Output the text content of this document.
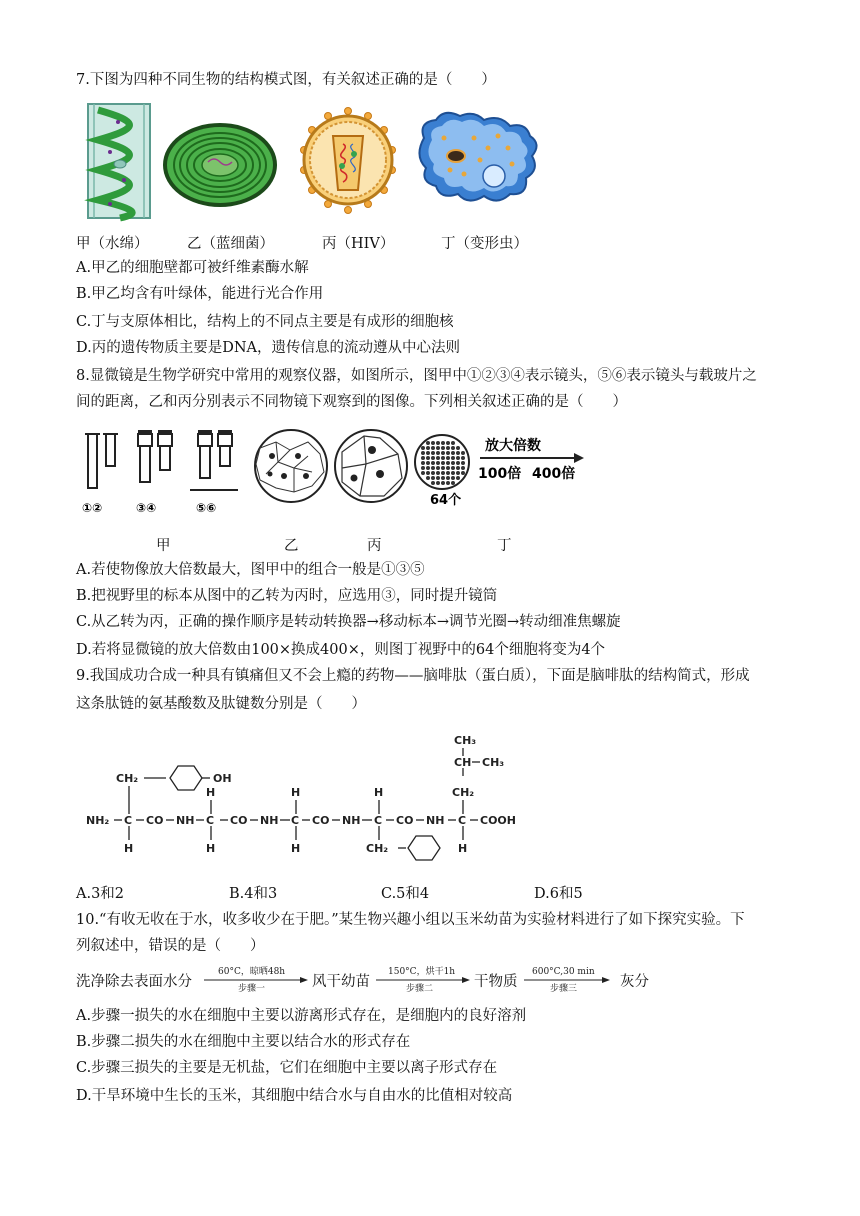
7.下图为四种不同生物的结构模式图，有关叙述正确的是（　　）
甲（水绵）	乙（蓝细菌）	丙（HIV）	丁（变形虫）
A.甲乙的细胞壁都可被纤维素酶水解
B.甲乙均含有叶绿体，能进行光合作用
C.丁与支原体相比，结构上的不同点主要是有成形的细胞核
D.丙的遗传物质主要是DNA，遗传信息的流动遵从中心法则
8.显微镜是生物学研究中常用的观察仪器，如图所示，图甲中①②③④表示镜头，⑤⑥表示镜头与载玻片之
间的距离，乙和丙分别表示不同物镜下观察到的图像。下列相关叙述正确的是（　　）
①②	③④	⑤⑥	64个
放大倍数
100倍 400倍
甲	乙	丙	丁
A.若使物像放大倍数最大，图甲中的组合一般是①③⑤
B.把视野里的标本从图中的乙转为丙时，应选用③，同时提升镜筒
C.从乙转为丙，正确的操作顺序是转动转换器→移动标本→调节光圈→转动细准焦螺旋
D.若将显微镜的放大倍数由100×换成400×，则图丁视野中的64个细胞将变为4个
9.我国成功合成一种具有镇痛但又不会上瘾的药物——脑啡肽（蛋白质），下面是脑啡肽的结构简式，形成
这条肽链的氨基酸数及肽键数分别是（　　）
NH₂ C
H
CH₂	OH
CO NH
H
C
H
CO NH
H
C
H
CO NH
H
C
CH₂
CO NH C
H
COOH
CH₂
CH CH₃
CH₃
A.3和2	B.4和3	C.5和4	D.6和5
10.“有收无收在于水，收多收少在于肥。”某生物兴趣小组以玉米幼苗为实验材料进行了如下探究实验。下
列叙述中，错误的是（　　）
洗净除去表面水分
60°C，晾晒48h
步骤一	风干幼苗
150°C，烘干1h
步骤二	干物质
600°C,30 min
步骤三	灰分
A.步骤一损失的水在细胞中主要以游离形式存在，是细胞内的良好溶剂
B.步骤二损失的水在细胞中主要以结合水的形式存在
C.步骤三损失的主要是无机盐，它们在细胞中主要以离子形式存在
D.干旱环境中生长的玉米，其细胞中结合水与自由水的比值相对较高
